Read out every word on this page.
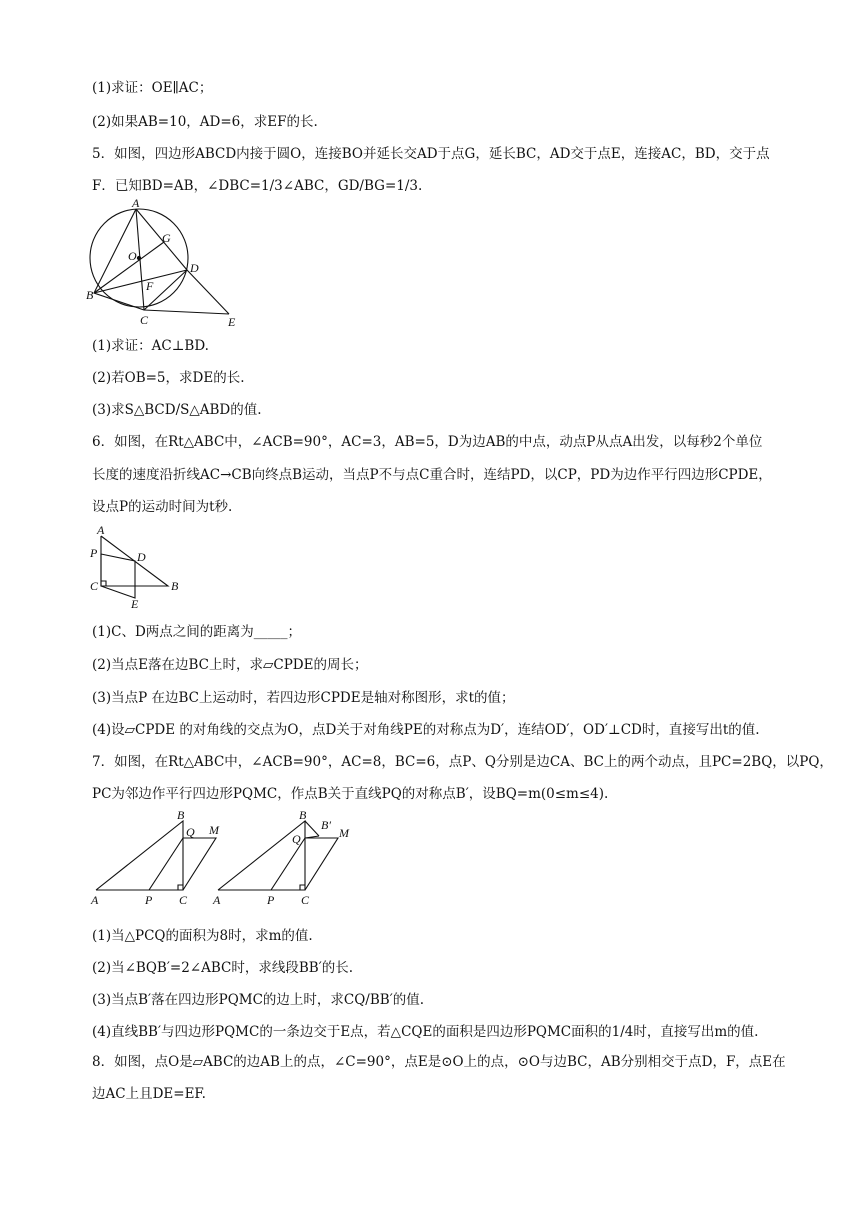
(1)求证：OE∥AC；
(2)如果AB=10，AD=6，求EF的长.
5．如图，四边形ABCD内接于圆O，连接BO并延长交AD于点G，延长BC，AD交于点E，连接AC，BD，交于点
F．已知BD=AB，∠DBC=1/3∠ABC，GD/BG=1/3.
A
B
C
D
E
F
G
O
(1)求证：AC⊥BD.
(2)若OB=5，求DE的长.
(3)求S△BCD/S△ABD的值.
6．如图，在Rt△ABC中，∠ACB=90°，AC=3，AB=5，D为边AB的中点，动点P从点A出发，以每秒2个单位
长度的速度沿折线AC→CB向终点B运动，当点P不与点C重合时，连结PD，以CP，PD为边作平行四边形CPDE，
设点P的运动时间为t秒.
A
B
C
D
E
P
(1)C、D两点之间的距离为_____；
(2)当点E落在边BC上时，求▱CPDE的周长；
(3)当点P 在边BC上运动时，若四边形CPDE是轴对称图形，求t的值；
(4)设▱CPDE 的对角线的交点为O，点D关于对角线PE的对称点为D′，连结OD′，OD′⊥CD时，直接写出t的值.
7．如图，在Rt△ABC中，∠ACB=90°，AC=8，BC=6，点P、Q分别是边CA、BC上的两个动点，且PC=2BQ，以PQ，
PC为邻边作平行四边形PQMC，作点B关于直线PQ的对称点B′，设BQ=m(0≤m≤4).
A
B
C
P
Q M
A
B
C
P
Q
B′
M
(1)当△PCQ的面积为8时，求m的值.
(2)当∠BQB′=2∠ABC时，求线段BB′的长.
(3)当点B′落在四边形PQMC的边上时，求CQ/BB′的值.
(4)直线BB′与四边形PQMC的一条边交于E点，若△CQE的面积是四边形PQMC面积的1/4时，直接写出m的值.
8．如图，点O是▱ABC的边AB上的点，∠C=90°，点E是⊙O上的点，⊙O与边BC，AB分别相交于点D，F，点E在
边AC上且DE=EF.
